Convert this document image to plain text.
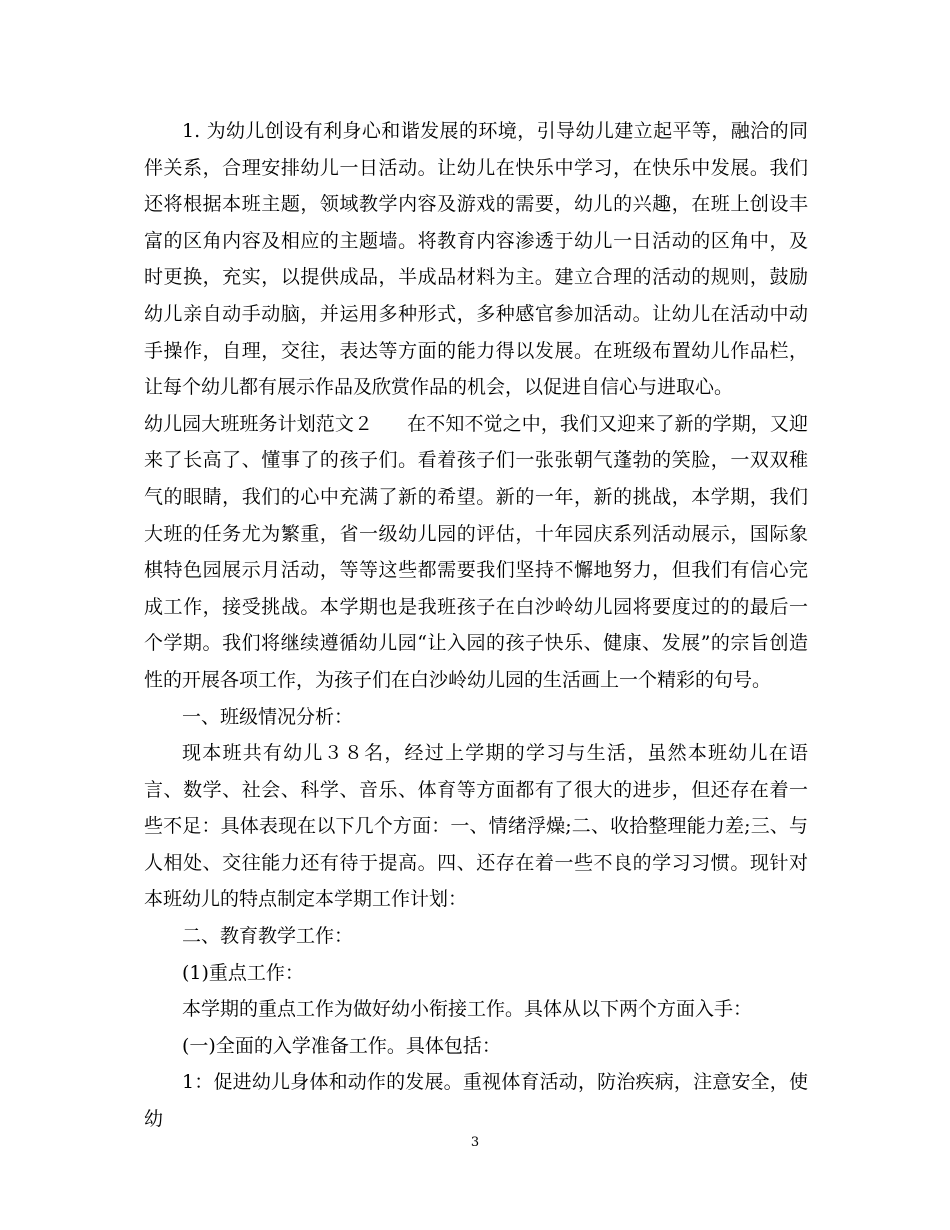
1. 为幼儿创设有利身心和谐发展的环境，引导幼儿建立起平等，融洽的同伴关系，合理安排幼儿一日活动。让幼儿在快乐中学习，在快乐中发展。我们还将根据本班主题，领域教学内容及游戏的需要，幼儿的兴趣，在班上创设丰富的区角内容及相应的主题墙。将教育内容渗透于幼儿一日活动的区角中，及时更换，充实，以提供成品，半成品材料为主。建立合理的活动的规则，鼓励幼儿亲自动手动脑，并运用多种形式，多种感官参加活动。让幼儿在活动中动手操作，自理，交往，表达等方面的能力得以发展。在班级布置幼儿作品栏，让每个幼儿都有展示作品及欣赏作品的机会，以促进自信心与进取心。

幼儿园大班班务计划范文２ 在不知不觉之中，我们又迎来了新的学期，又迎来了长高了、懂事了的孩子们。看着孩子们一张张朝气蓬勃的笑脸，一双双稚气的眼睛，我们的心中充满了新的希望。新的一年，新的挑战，本学期，我们大班的任务尤为繁重，省一级幼儿园的评估，十年园庆系列活动展示，国际象棋特色园展示月活动，等等这些都需要我们坚持不懈地努力，但我们有信心完成工作，接受挑战。本学期也是我班孩子在白沙岭幼儿园将要度过的的最后一个学期。我们将继续遵循幼儿园“让入园的孩子快乐、健康、发展”的宗旨创造性的开展各项工作，为孩子们在白沙岭幼儿园的生活画上一个精彩的句号。

一、班级情况分析：

现本班共有幼儿３８名，经过上学期的学习与生活，虽然本班幼儿在语言、数学、社会、科学、音乐、体育等方面都有了很大的进步，但还存在着一些不足：具体表现在以下几个方面：一、情绪浮燥;二、收拾整理能力差;三、与人相处、交往能力还有待于提高。四、还存在着一些不良的学习习惯。现针对本班幼儿的特点制定本学期工作计划：

二、教育教学工作：

(1)重点工作：

本学期的重点工作为做好幼小衔接工作。具体从以下两个方面入手：

(一)全面的入学准备工作。具体包括：

1：促进幼儿身体和动作的发展。重视体育活动，防治疾病，注意安全，使幼

3
